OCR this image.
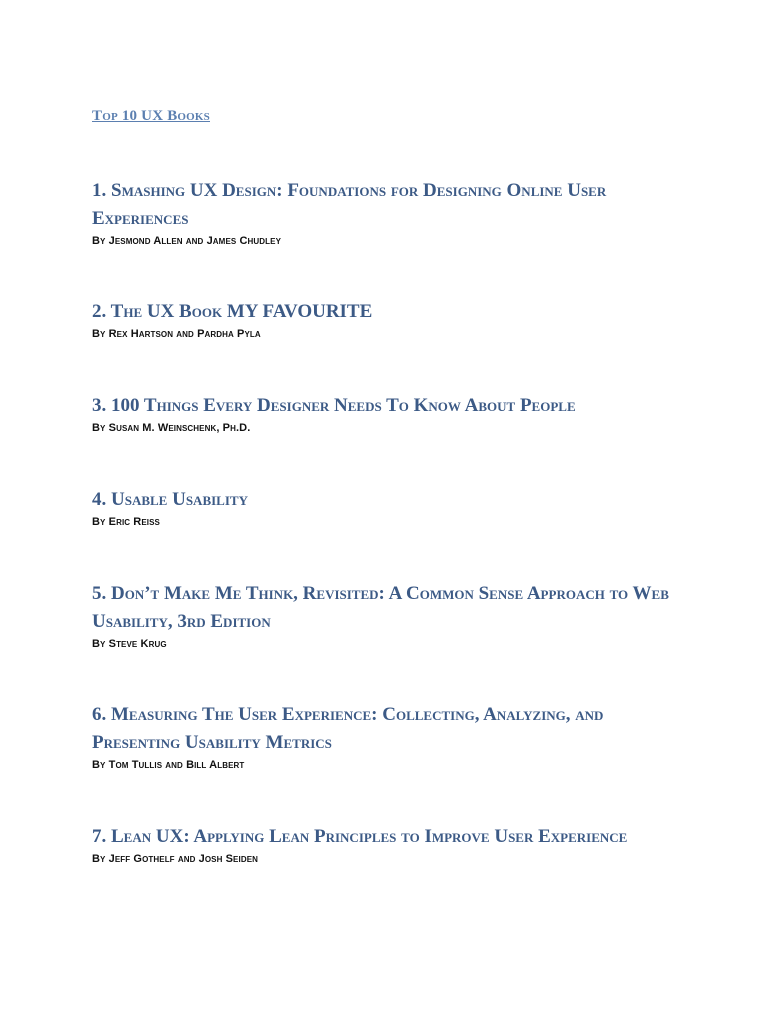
Top 10 UX Books
1. Smashing UX Design: Foundations for Designing Online User Experiences
By Jesmond Allen and James Chudley
2. The UX Book MY FAVOURITE
By Rex Hartson and Pardha Pyla
3. 100 Things Every Designer Needs To Know About People
By Susan M. Weinschenk, Ph.D.
4. Usable Usability
By Eric Reiss
5. Don’t Make Me Think, Revisited: A Common Sense Approach to Web Usability, 3rd Edition
By Steve Krug
6. Measuring The User Experience: Collecting, Analyzing, and Presenting Usability Metrics
By Tom Tullis and Bill Albert
7. Lean UX: Applying Lean Principles to Improve User Experience
By Jeff Gothelf and Josh Seiden
